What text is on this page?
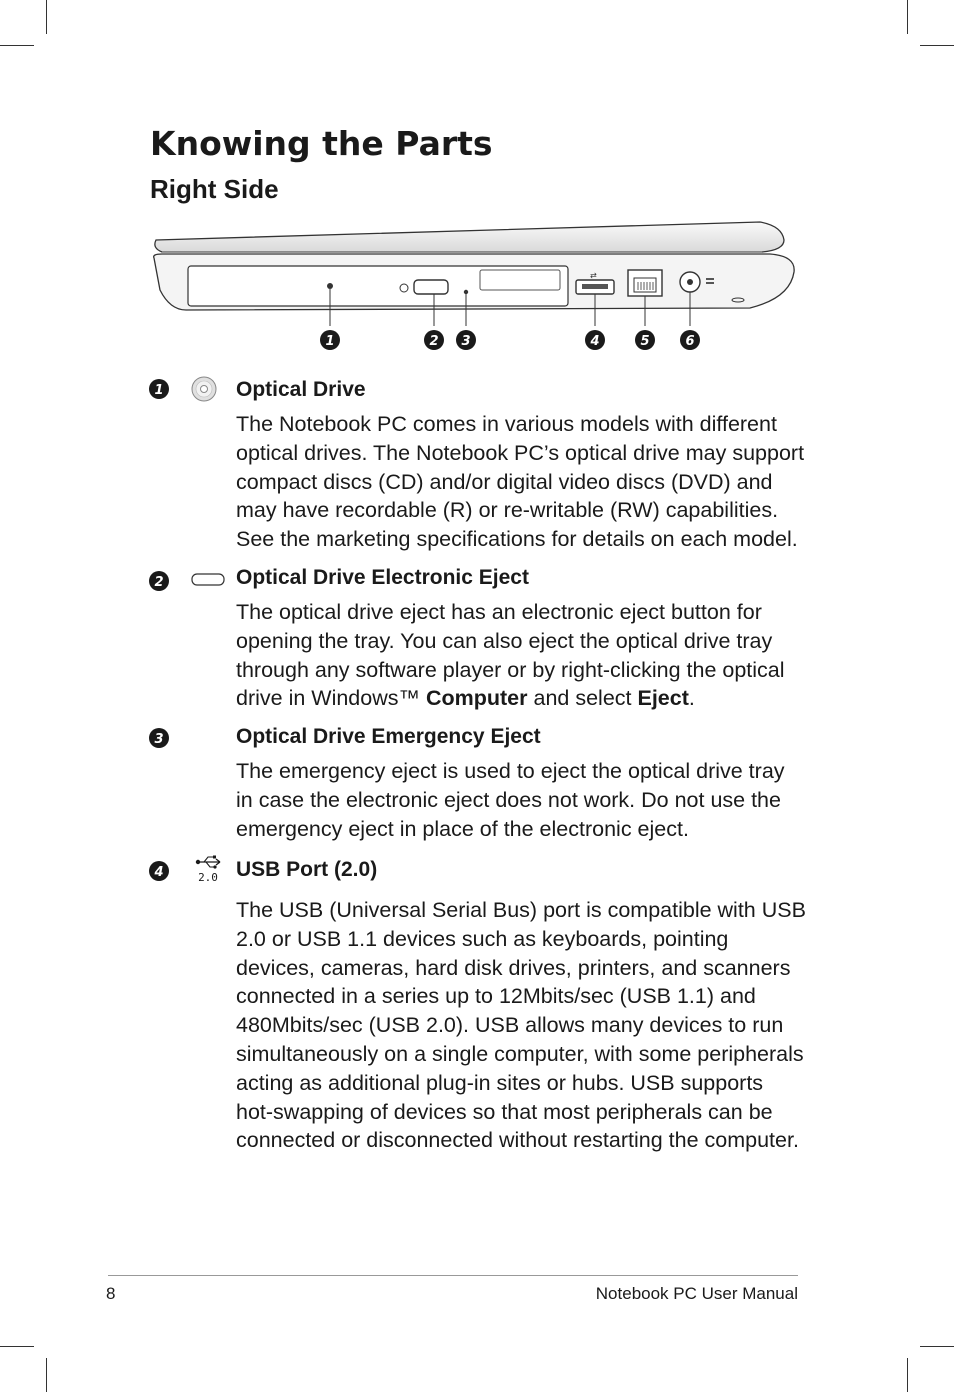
Knowing the Parts
Right Side
⇄
1	2 3	4	5	6
1	Optical Drive

The Notebook PC comes in various models with different optical drives. The Notebook PC’s optical drive may support compact discs (CD) and/or digital video discs (DVD) and may have recordable (R) or re-writable (RW) capabilities. See the marketing specifications for details on each model.

2	Optical Drive Electronic Eject

The optical drive eject has an electronic eject button for opening the tray. You can also eject the optical drive tray through any software player or by right-clicking the optical drive in Windows™ Computer and select Eject.

3	Optical Drive Emergency Eject

The emergency eject is used to eject the optical drive tray in case the electronic eject does not work. Do not use the emergency eject in place of the electronic eject.

4	2.0 USB Port (2.0)

The USB (Universal Serial Bus) port is compatible with USB 2.0 or USB 1.1 devices such as keyboards, pointing devices, cameras, hard disk drives, printers, and scanners connected in a series up to 12Mbits/sec (USB 1.1) and 480Mbits/sec (USB 2.0). USB allows many devices to run simultaneously on a single computer, with some peripherals acting as additional plug-in sites or hubs. USB supports hot-swapping of devices so that most peripherals can be connected or disconnected without restarting the computer.

8	Notebook PC User Manual
